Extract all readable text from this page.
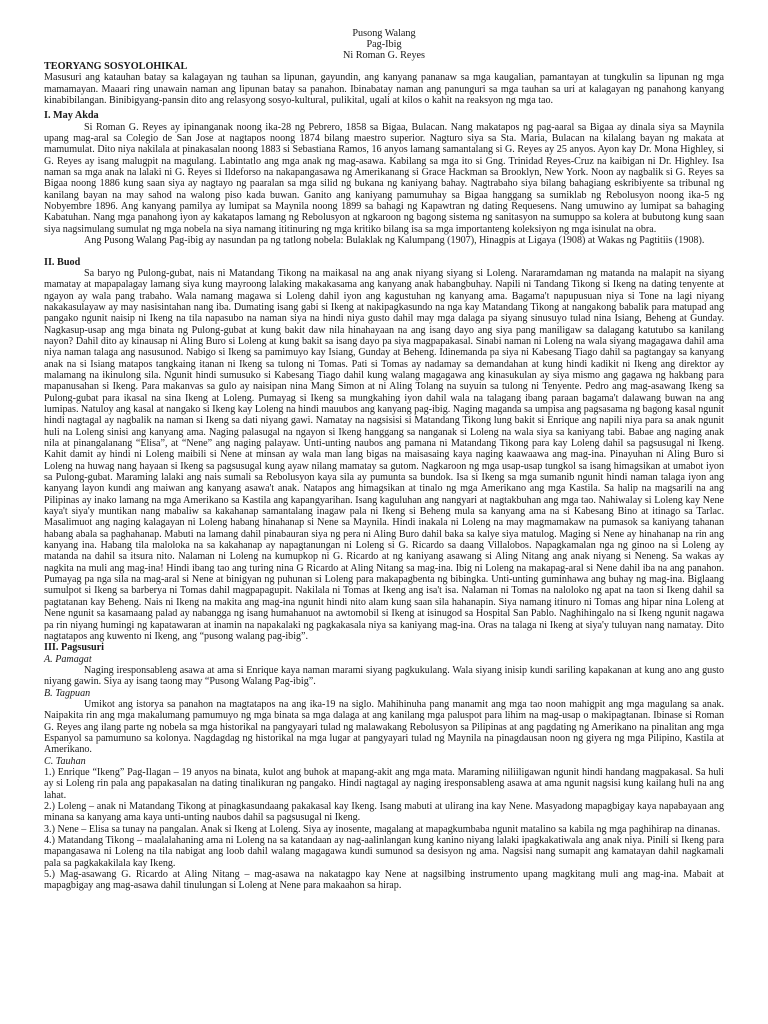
Pusong Walang
Pag-Ibig
Ni Roman G. Reyes
TEORYANG SOSYOLOHIKAL

Masusuri ang katauhan batay sa kalagayan ng tauhan sa lipunan, gayundin, ang kanyang pananaw sa mga kaugalian, pamantayan at tungkulin sa lipunan ng mga mamamayan. Maaari ring unawain naman ang lipunan batay sa panahon. Ibinabatay naman ang panunguri sa mga tauhan sa uri at kalagayan ng panahong kanyang kinabibilangan. Binibigyang-pansin dito ang relasyong sosyo-kultural, pulikital, ugali at kilos o kahit na reaksyon ng mga tao.

I. May Akda

Si Roman G. Reyes ay ipinanganak noong ika-28 ng Pebrero, 1858 sa Bigaa, Bulacan. Nang makatapos ng pag-aaral sa Bigaa ay dinala siya sa Maynila upang mag-aral sa Colegio de San Jose at nagtapos noong 1874 bilang maestro superior. Nagturo siya sa Sta. Maria, Bulacan na kilalang bayan ng makata at mamumulat. Dito niya nakilala at pinakasalan noong 1883 si Sebastiana Ramos, 16 anyos lamang samantalang si G. Reyes ay 25 anyos. Ayon kay Dr. Mona Highley, si G. Reyes ay isang malugpit na magulang. Labintatlo ang mga anak ng mag-asawa. Kabilang sa mga ito si Gng. Trinidad Reyes-Cruz na kaibigan ni Dr. Highley. Isa naman sa mga anak na lalaki ni G. Reyes si Ildeforso na nakapangasawa ng Amerikanang si Grace Hackman sa Brooklyn, New York. Noon ay nagbalik si G. Reyes sa Bigaa noong 1886 kung saan siya ay nagtayo ng paaralan sa mga silid ng bukana ng kaniyang bahay. Nagtrabaho siya bilang bahagiang eskribiyente sa tribunal ng kanilang bayan na may sahod na walong piso kada buwan. Ganito ang kaniyang pamumuhay sa Bigaa hanggang sa sumiklab ng Rebolusyon noong ika-5 ng Nobyembre 1896. Ang kanyang pamilya ay lumipat sa Maynila noong 1899 sa bahagi ng Kapawtran ng dating Requesens. Nang umuwino ay lumipat sa bahaging Kabatuhan. Nang mga panahong iyon ay kakatapos lamang ng Rebolusyon at ngkaroon ng bagong sistema ng sanitasyon na sumuppo sa kolera at bubutong kung saan siya nagsimulang sumulat ng mga nobela na siya namang ititinuring ng mga kritiko bilang isa sa mga importanteng koleksiyon ng mga isinulat na obra.

Ang Pusong Walang Pag-ibig ay nasundan pa ng tatlong nobela: Bulaklak ng Kalumpang (1907), Hinagpis at Ligaya (1908) at Wakas ng Pagtitiis (1908).

II. Buod

Sa baryo ng Pulong-gubat, nais ni Matandang Tikong na maikasal na ang anak niyang siyang si Loleng. Nararamdaman ng matanda na malapit na siyang mamatay at mapapalagay lamang siya kung mayroong lalaking makakasama ang kanyang anak habangbuhay. Napili ni Tandang Tikong si Ikeng na dating tenyente at ngayon ay wala pang trabaho. Wala namang magawa si Loleng dahil iyon ang kagustuhan ng kanyang ama. Bagama't napupusuan niya si Tone na lagi niyang nakakasulayaw ay may nasisintahan nang iba. Dumating isang gabi si Ikeng at nakipagkasundo na nga kay Matandang Tikong at nangakong babalik para matupad ang pangako ngunit naisip ni Ikeng na tila napasubo na naman siya na hindi niya gusto dahil may mga dalaga pa siyang sinusuyo tulad nina Isiang, Beheng at Gunday. Nagkasup-usap ang mga binata ng Pulong-gubat at kung bakit daw nila hinahayaan na ang isang dayo ang siya pang maniligaw sa dalagang katutubo sa kanilang nayon? Dahil dito ay kinausap ni Aling Buro si Loleng at kung bakit sa isang dayo pa siya magpapakasal. Sinabi naman ni Loleng na wala siyang magagawa dahil ama niya naman talaga ang nasusunod. Nabigo si Ikeng sa pamimuyo kay Isiang, Gunday at Beheng. Idinemanda pa siya ni Kabesang Tiago dahil sa pagtangay sa kanyang anak na si Isiang matapos tangkaing itanan ni Ikeng sa tulong ni Tomas. Pati si Tomas ay nadamay sa demandahan at kung hindi kadikit ni Ikeng ang direktor ay malamang na ikinulong sila. Ngunit hindi sumusuko si Kabesang Tiago dahil kung walang magagawa ang kinasukulan ay siya mismo ang gagawa ng hakbang para mapanusahan si Ikeng. Para makanvas sa gulo ay naisipan nina Mang Simon at ni Aling Tolang na suyuin sa tulong ni Tenyente. Pedro ang mag-asawang Ikeng sa Pulong-gubat para ikasal na sina Ikeng at Loleng. Pumayag si Ikeng sa mungkahing iyon dahil wala na talagang ibang paraan bagama't dalawang buwan na ang lumipas. Natuloy ang kasal at nangako si Ikeng kay Loleng na hindi mauubos ang kanyang pag-ibig. Naging maganda sa umpisa ang pagsasama ng bagong kasal ngunit hindi nagtagal ay nagbalik na naman si Ikeng sa dati niyang gawi. Namatay na nagsisisi si Matandang Tikong lung bakit si Enrique ang napili niya para sa anak ngunit huli na Loleng sinisi ang kanyang ama. Naging palasugal na ngayon si Ikeng hanggang sa nanganak si Loleng na wala siya sa kaniyang tabi. Babae ang naging anak nila at pinangalanang “Elisa”, at “Nene” ang naging palayaw. Unti-unting naubos ang pamana ni Matandang Tikong para kay Loleng dahil sa pagsusugal ni Ikeng. Kahit damit ay hindi ni Loleng maibili si Nene at minsan ay wala man lang bigas na maisasaing kaya naging kaawaawa ang mag-ina. Pinayuhan ni Aling Buro si Loleng na huwag nang hayaan si Ikeng sa pagsusugal kung ayaw nilang mamatay sa gutom. Nagkaroon ng mga usap-usap tungkol sa isang himagsikan at umabot iyon sa Pulong-gubat. Maraming lalaki ang nais sumali sa Rebolusyon kaya sila ay pumunta sa bundok. Isa si Ikeng sa mga sumanib ngunit hindi naman talaga iyon ang kanyang layon kundi ang maiwan ang kanyang asawa't anak. Natapos ang himagsikan at tinalo ng mga Amerikano ang mga Kastila. Sa halip na magsarili na ang Pilipinas ay inako lamang na mga Amerikano sa Kastila ang kapangyarihan. Isang kaguluhan ang nangyari at nagtakbuhan ang mga tao. Nahiwalay si Loleng kay Nene kaya't siya'y muntikan nang mabaliw sa kakahanap samantalang inagaw pala ni Ikeng si Beheng mula sa kanyang ama na si Kabesang Bino at itinago sa Tarlac. Masalimuot ang naging kalagayan ni Loleng habang hinahanap si Nene sa Maynila. Hindi inakala ni Loleng na may magmamakaw na pumasok sa kaniyang tahanan habang abala sa paghahanap. Mabuti na lamang dahil pinabauran siya ng pera ni Aling Buro dahil baka sa kalye siya matulog. Maging si Nene ay hinahanap na rin ang kanyang ina. Habang tila maloloka na sa kakahanap ay napagtanungan ni Loleng si G. Ricardo sa daang Villalobos. Napagkamalan nga ng ginoo na si Loleng ay matanda na dahil sa itsura nito. Nalaman ni Loleng na kumupkop ni G. Ricardo at ng kaniyang asawang si Aling Nitang ang anak niyang si Neneng. Sa wakas ay nagkita na muli ang mag-ina! Hindi ibang tao ang turing nina G Ricardo at Aling Nitang sa mag-ina. Ibig ni Loleng na makapag-aral si Nene dahil iba na ang panahon. Pumayag pa nga sila na mag-aral si Nene at binigyan ng puhunan si Loleng para makapagbenta ng bibingka. Unti-unting guminhawa ang buhay ng mag-ina. Biglaang sumulpot si Ikeng sa barberya ni Tomas dahil magpapagupit. Nakilala ni Tomas at Ikeng ang isa't isa. Nalaman ni Tomas na naloloko ng apat na taon si Ikeng dahil sa pagtatanan kay Beheng. Nais ni Ikeng na makita ang mag-ina ngunit hindi nito alam kung saan sila hahanapin. Siya namang itinuro ni Tomas ang hipar nina Loleng at Nene ngunit sa kasamaang palad ay nabangga ng isang humahanuot na awtomobil si Ikeng at isinugod sa Hospital San Pablo. Naghihingalo na si Ikeng ngunit nagawa pa rin niyang humingi ng kapatawaran at inamin na napakalaki ng pagkakasala niya sa kaniyang mag-ina. Oras na talaga ni Ikeng at siya'y tuluyan nang namatay. Dito nagtatapos ang kuwento ni Ikeng, ang “pusong walang pag-ibig”.

III. Pagsusuri
A. Pamagat

Naging iresponsableng asawa at ama si Enrique kaya naman marami siyang pagkukulang. Wala siyang inisip kundi sariling kapakanan at kung ano ang gusto niyang gawin. Siya ay isang taong may “Pusong Walang Pag-ibig”.

B. Tagpuan

Umikot ang istorya sa panahon na magtatapos na ang ika-19 na siglo. Mahihinuha pang manamit ang mga tao noon mahigpit ang mga magulang sa anak. Naipakita rin ang mga makalumang pamumuyo ng mga binata sa mga dalaga at ang kanilang mga paluspot para lihim na mag-usap o makipagtanan. Ibinase si Roman G. Reyes ang ilang parte ng nobela sa mga historikal na pangyayari tulad ng malawakang Rebolusyon sa Pilipinas at ang pagdating ng Amerikano na pinalitan ang mga Espanyol sa pamumuno sa kolonya. Nagdagdag ng historikal na mga lugar at pangyayari tulad ng Maynila na pinagdausan noon ng giyera ng mga Pilipino, Kastila at Amerikano.

C. Tauhan

1.) Enrique “Ikeng” Pag-Ilagan – 19 anyos na binata, kulot ang buhok at mapang-akit ang mga mata. Maraming niliiligawan ngunit hindi handang magpakasal. Sa huli ay si Loleng rin pala ang papakasalan na dating tinalikuran ng pangako. Hindi nagtagal ay naging iresponsableng asawa at ama ngunit nagsisi kung kailang huli na ang lahat.

2.) Loleng – anak ni Matandang Tikong at pinagkasundaang pakakasal kay Ikeng. Isang mabuti at ulirang ina kay Nene. Masyadong mapagbigay kaya napabayaan ang minana sa kanyang ama kaya unti-unting naubos dahil sa pagsusugal ni Ikeng.

3.) Nene – Elisa sa tunay na pangalan. Anak si Ikeng at Loleng. Siya ay inosente, magalang at mapagkumbaba ngunit matalino sa kabila ng mga paghihirap na dinanas.

4.) Matandang Tikong – maalalahaning ama ni Loleng na sa katandaan ay nag-aalinlangan kung kanino niyang lalaki ipagkakatiwala ang anak niya. Pinili si Ikeng para mapangasawa ni Loleng na tila nabigat ang loob dahil walang magagawa kundi sumunod sa desisyon ng ama. Nagsisi nang sumapit ang kamatayan dahil nagkamali pala sa pagkakakilala kay Ikeng.

5.) Mag-asawang G. Ricardo at Aling Nitang – mag-asawa na nakatagpo kay Nene at nagsilbing instrumento upang magkitang muli ang mag-ina. Mabait at mapagbigay ang mag-asawa dahil tinulungan si Loleng at Nene para makaahon sa hirap.
